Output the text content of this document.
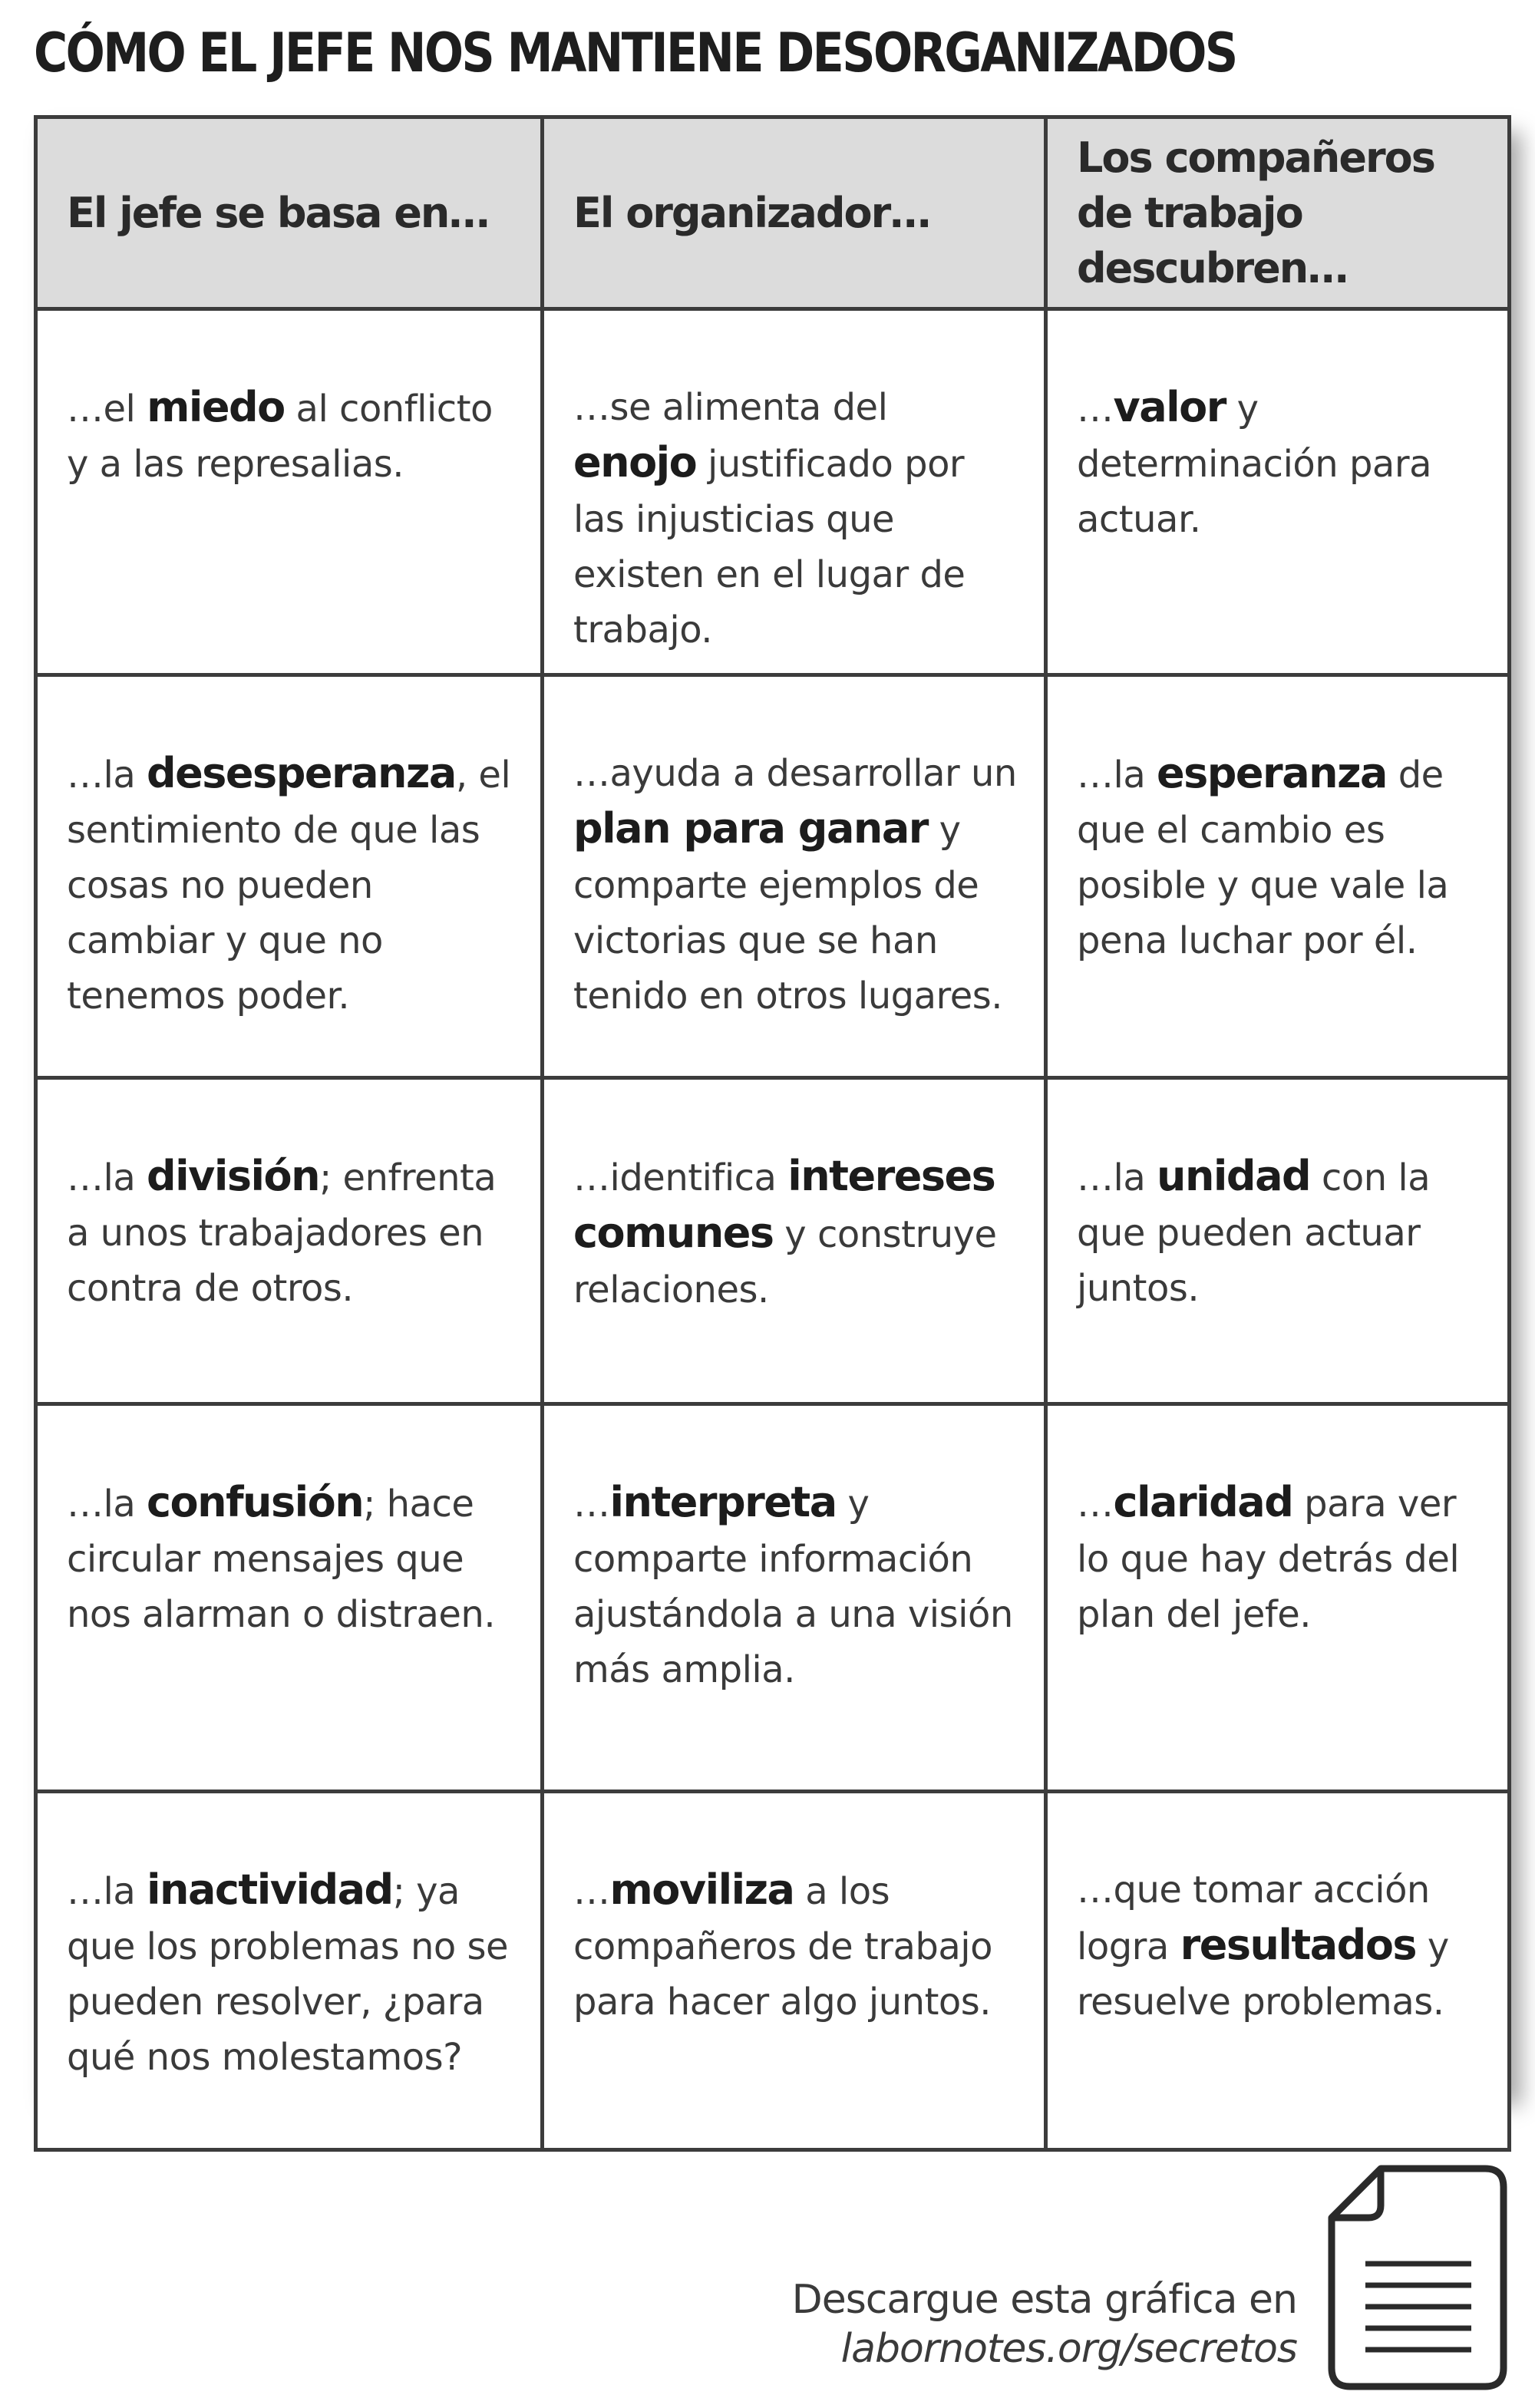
CÓMO EL JEFE NOS MANTIENE DESORGANIZADOS
El jefe se basa en…	El organizador…	Los compañeros de trabajo descubren…
…el miedo al conflicto y a las represalias.	…se alimenta del enojo justificado por las injusticias que existen en el lugar de trabajo.	…valor y determinación para actuar.
…la desesperanza, el sentimiento de que las cosas no pueden cambiar y que no tenemos poder.	…ayuda a desarrollar un plan para ganar y comparte ejemplos de victorias que se han tenido en otros lugares.	…la esperanza de que el cambio es posible y que vale la pena luchar por él.
…la división; enfrenta a unos trabajadores en contra de otros.	…identifica intereses comunes y construye relaciones.	…la unidad con la que pueden actuar juntos.
…la confusión; hace circular mensajes que nos alarman o distraen.	…interpreta y comparte información ajustándola a una visión más amplia.	…claridad para ver lo que hay detrás del plan del jefe.
…la inactividad; ya que los problemas no se pueden resolver, ¿para qué nos molestamos?	…moviliza a los compañeros de trabajo para hacer algo juntos.	…que tomar acción logra resultados y resuelve problemas.
Descargue esta gráfica en
labornotes.org/secretos
